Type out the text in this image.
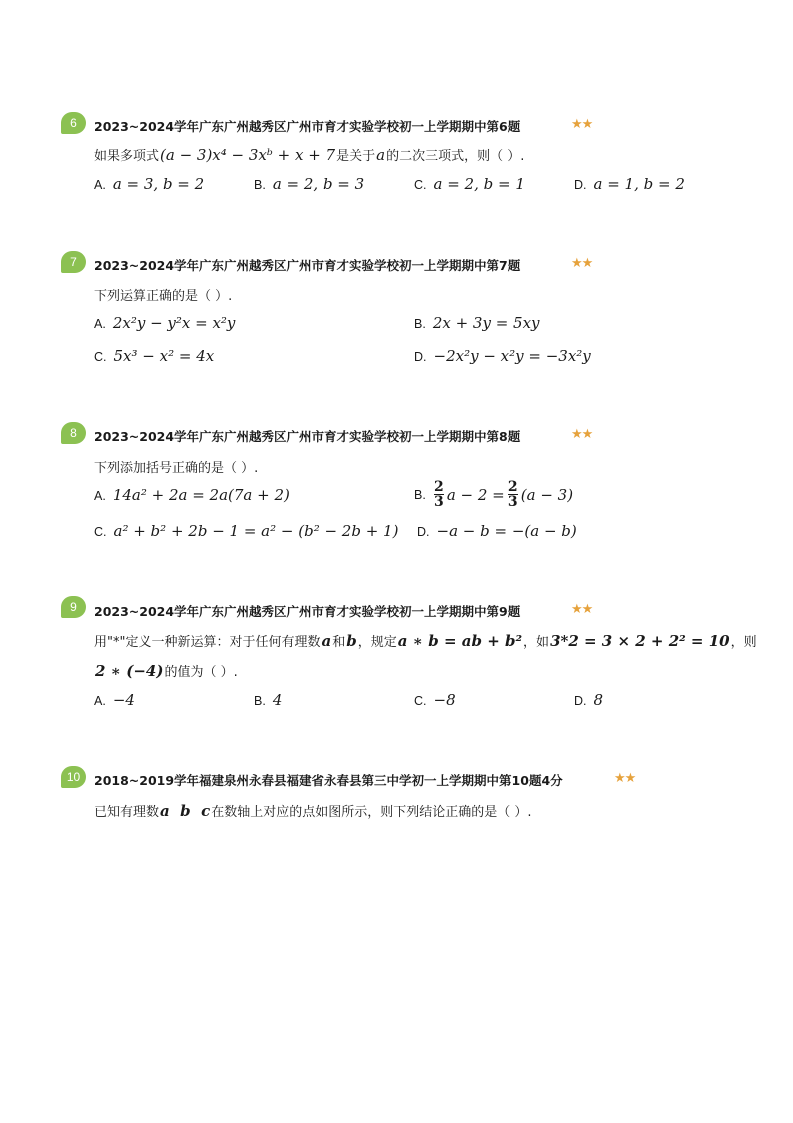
6	2023~2024学年广东广州越秀区广州市育才实验学校初一上学期期中第6题	★★
如果多项式 (a − 3)x⁴ − 3xᵇ + x + 7 是关于 a 的二次三项式，则（ ）.
A. a = 3, b = 2	B. a = 2, b = 3	C. a = 2, b = 1	D. a = 1, b = 2
7	2023~2024学年广东广州越秀区广州市育才实验学校初一上学期期中第7题	★★
下列运算正确的是（ ）.
A. 2x²y − y²x = x²y	B. 2x + 3y = 5xy
C. 5x³ − x² = 4x	D. −2x²y − x²y = −3x²y
8	2023~2024学年广东广州越秀区广州市育才实验学校初一上学期期中第8题	★★
下列添加括号正确的是（ ）.
A. 14a² + 2a = 2a(7a + 2)	B. $\frac{2}{3}$ $a - 2 = \frac{2}{3} (a - 3)$
C. a² + b² + 2b − 1 = a² − (b² − 2b + 1) D. −a − b = −(a − b)
9	2023~2024学年广东广州越秀区广州市育才实验学校初一上学期期中第9题	★★
用"*"定义一种新运算：对于任何有理数 a 和 b ，规定 a ∗ b = ab + b² ，如 3*2 = 3 × 2 + 2² = 10 ，则
2 ∗ (−4) 的值为（ ）.
A. −4	B. 4	C. −8	D. 8
10	2018~2019学年福建泉州永春县福建省永春县第三中学初一上学期期中第10题4分	★★
已知有理数 a  b  c 在数轴上对应的点如图所示，则下列结论正确的是（ ）.
